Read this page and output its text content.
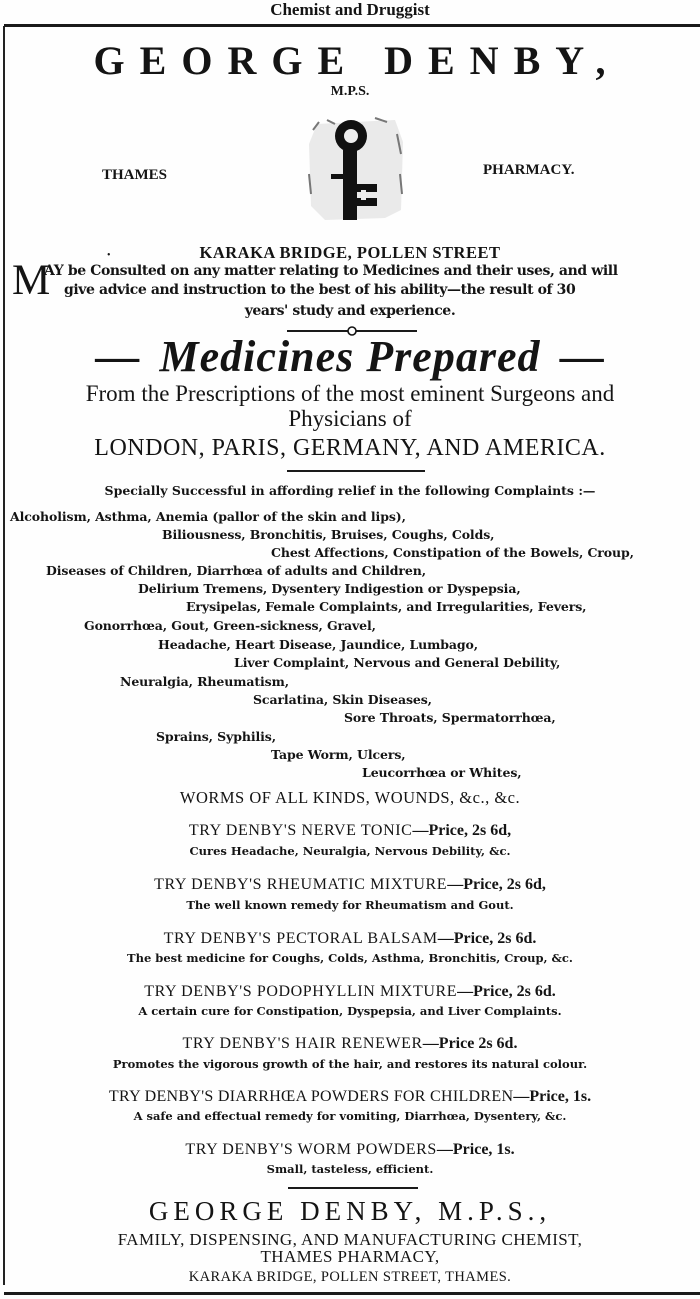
Chemist and Druggist
GEORGE DENBY,
M.P.S.
THAMES	PHARMACY.
•	KARAKA BRIDGE, POLLEN STREET
M
AY be Consulted on any matter relating to Medicines and their uses, and will
give advice and instruction to the best of his ability—the result of 30
years' study and experience.
— Medicines Prepared —
From the Prescriptions of the most eminent Surgeons and
Physicians of
LONDON, PARIS, GERMANY, AND AMERICA.
Specially Successful in affording relief in the following Complaints :—
Alcoholism, Asthma, Anemia (pallor of the skin and lips),
Biliousness, Bronchitis, Bruises, Coughs, Colds,
Chest Affections, Constipation of the Bowels, Croup,
Diseases of Children, Diarrhœa of adults and Children,
Delirium Tremens, Dysentery Indigestion or Dyspepsia,
Erysipelas, Female Complaints, and Irregularities, Fevers,
Gonorrhœa, Gout, Green-sickness, Gravel,
Headache, Heart Disease, Jaundice, Lumbago,
Liver Complaint, Nervous and General Debility,
Neuralgia, Rheumatism,
Scarlatina, Skin Diseases,
Sore Throats, Spermatorrhœa,
Sprains, Syphilis,
Tape Worm, Ulcers,
Leucorrhœa or Whites,
WORMS OF ALL KINDS, WOUNDS, &c., &c.
TRY DENBY'S NERVE TONIC—Price, 2s 6d,
Cures Headache, Neuralgia, Nervous Debility, &c.
TRY DENBY'S RHEUMATIC MIXTURE—Price, 2s 6d,
The well known remedy for Rheumatism and Gout.
TRY DENBY'S PECTORAL BALSAM—Price, 2s 6d.
The best medicine for Coughs, Colds, Asthma, Bronchitis, Croup, &c.
TRY DENBY'S PODOPHYLLIN MIXTURE—Price, 2s 6d.
A certain cure for Constipation, Dyspepsia, and Liver Complaints.
TRY DENBY'S HAIR RENEWER—Price 2s 6d.
Promotes the vigorous growth of the hair, and restores its natural colour.
TRY DENBY'S DIARRHŒA POWDERS FOR CHILDREN—Price, 1s.
A safe and effectual remedy for vomiting, Diarrhœa, Dysentery, &c.
TRY DENBY'S WORM POWDERS—Price, 1s.
Small, tasteless, efficient.
GEORGE DENBY, M.P.S.,
FAMILY, DISPENSING, AND MANUFACTURING CHEMIST,
THAMES PHARMACY,
KARAKA BRIDGE, POLLEN STREET, THAMES.
